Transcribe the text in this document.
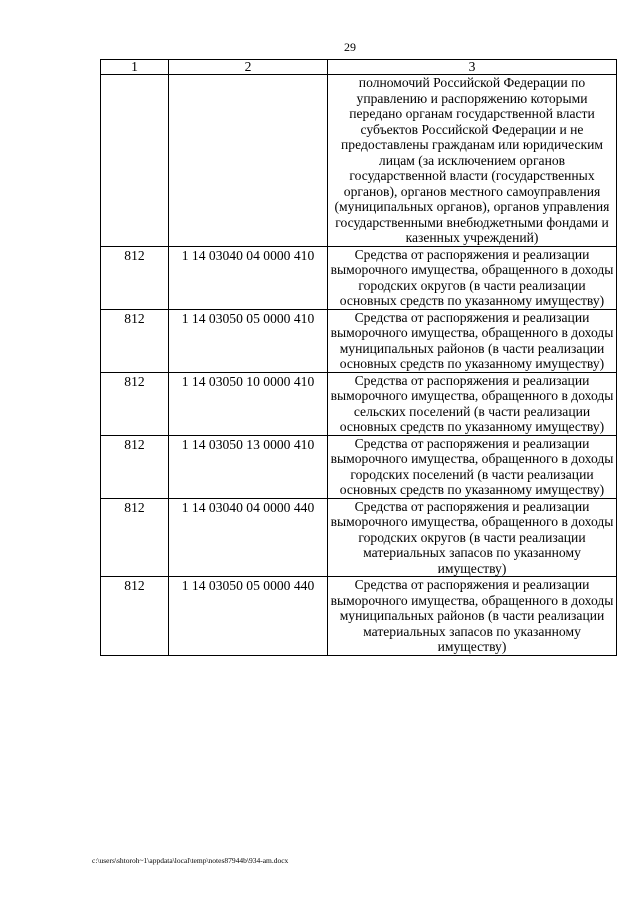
29
1	2	3
		полномочий Российской Федерации по управлению и распоряжению которыми передано органам государственной власти субъектов Российской Федерации и не предоставлены гражданам или юридическим лицам (за исключением органов государственной власти (государственных органов), органов местного самоуправления (муниципальных органов), органов управления государственными внебюджетными фондами и казенных учреждений)
812	1 14 03040 04 0000 410	Средства от распоряжения и реализации выморочного имущества, обращенного в доходы городских округов (в части реализации основных средств по указанному имуществу)
812	1 14 03050 05 0000 410	Средства от распоряжения и реализации выморочного имущества, обращенного в доходы муниципальных районов (в части реализации основных средств по указанному имуществу)
812	1 14 03050 10 0000 410	Средства от распоряжения и реализации выморочного имущества, обращенного в доходы сельских поселений (в части реализации основных средств по указанному имуществу)
812	1 14 03050 13 0000 410	Средства от распоряжения и реализации выморочного имущества, обращенного в доходы городских поселений (в части реализации основных средств по указанному имуществу)
812	1 14 03040 04 0000 440	Средства от распоряжения и реализации выморочного имущества, обращенного в доходы городских округов (в части реализации материальных запасов по указанному имуществу)
812	1 14 03050 05 0000 440	Средства от распоряжения и реализации выморочного имущества, обращенного в доходы муниципальных районов (в части реализации материальных запасов по указанному имуществу)
c:\users\shtoroh~1\appdata\local\temp\notes87944b\934-am.docx
